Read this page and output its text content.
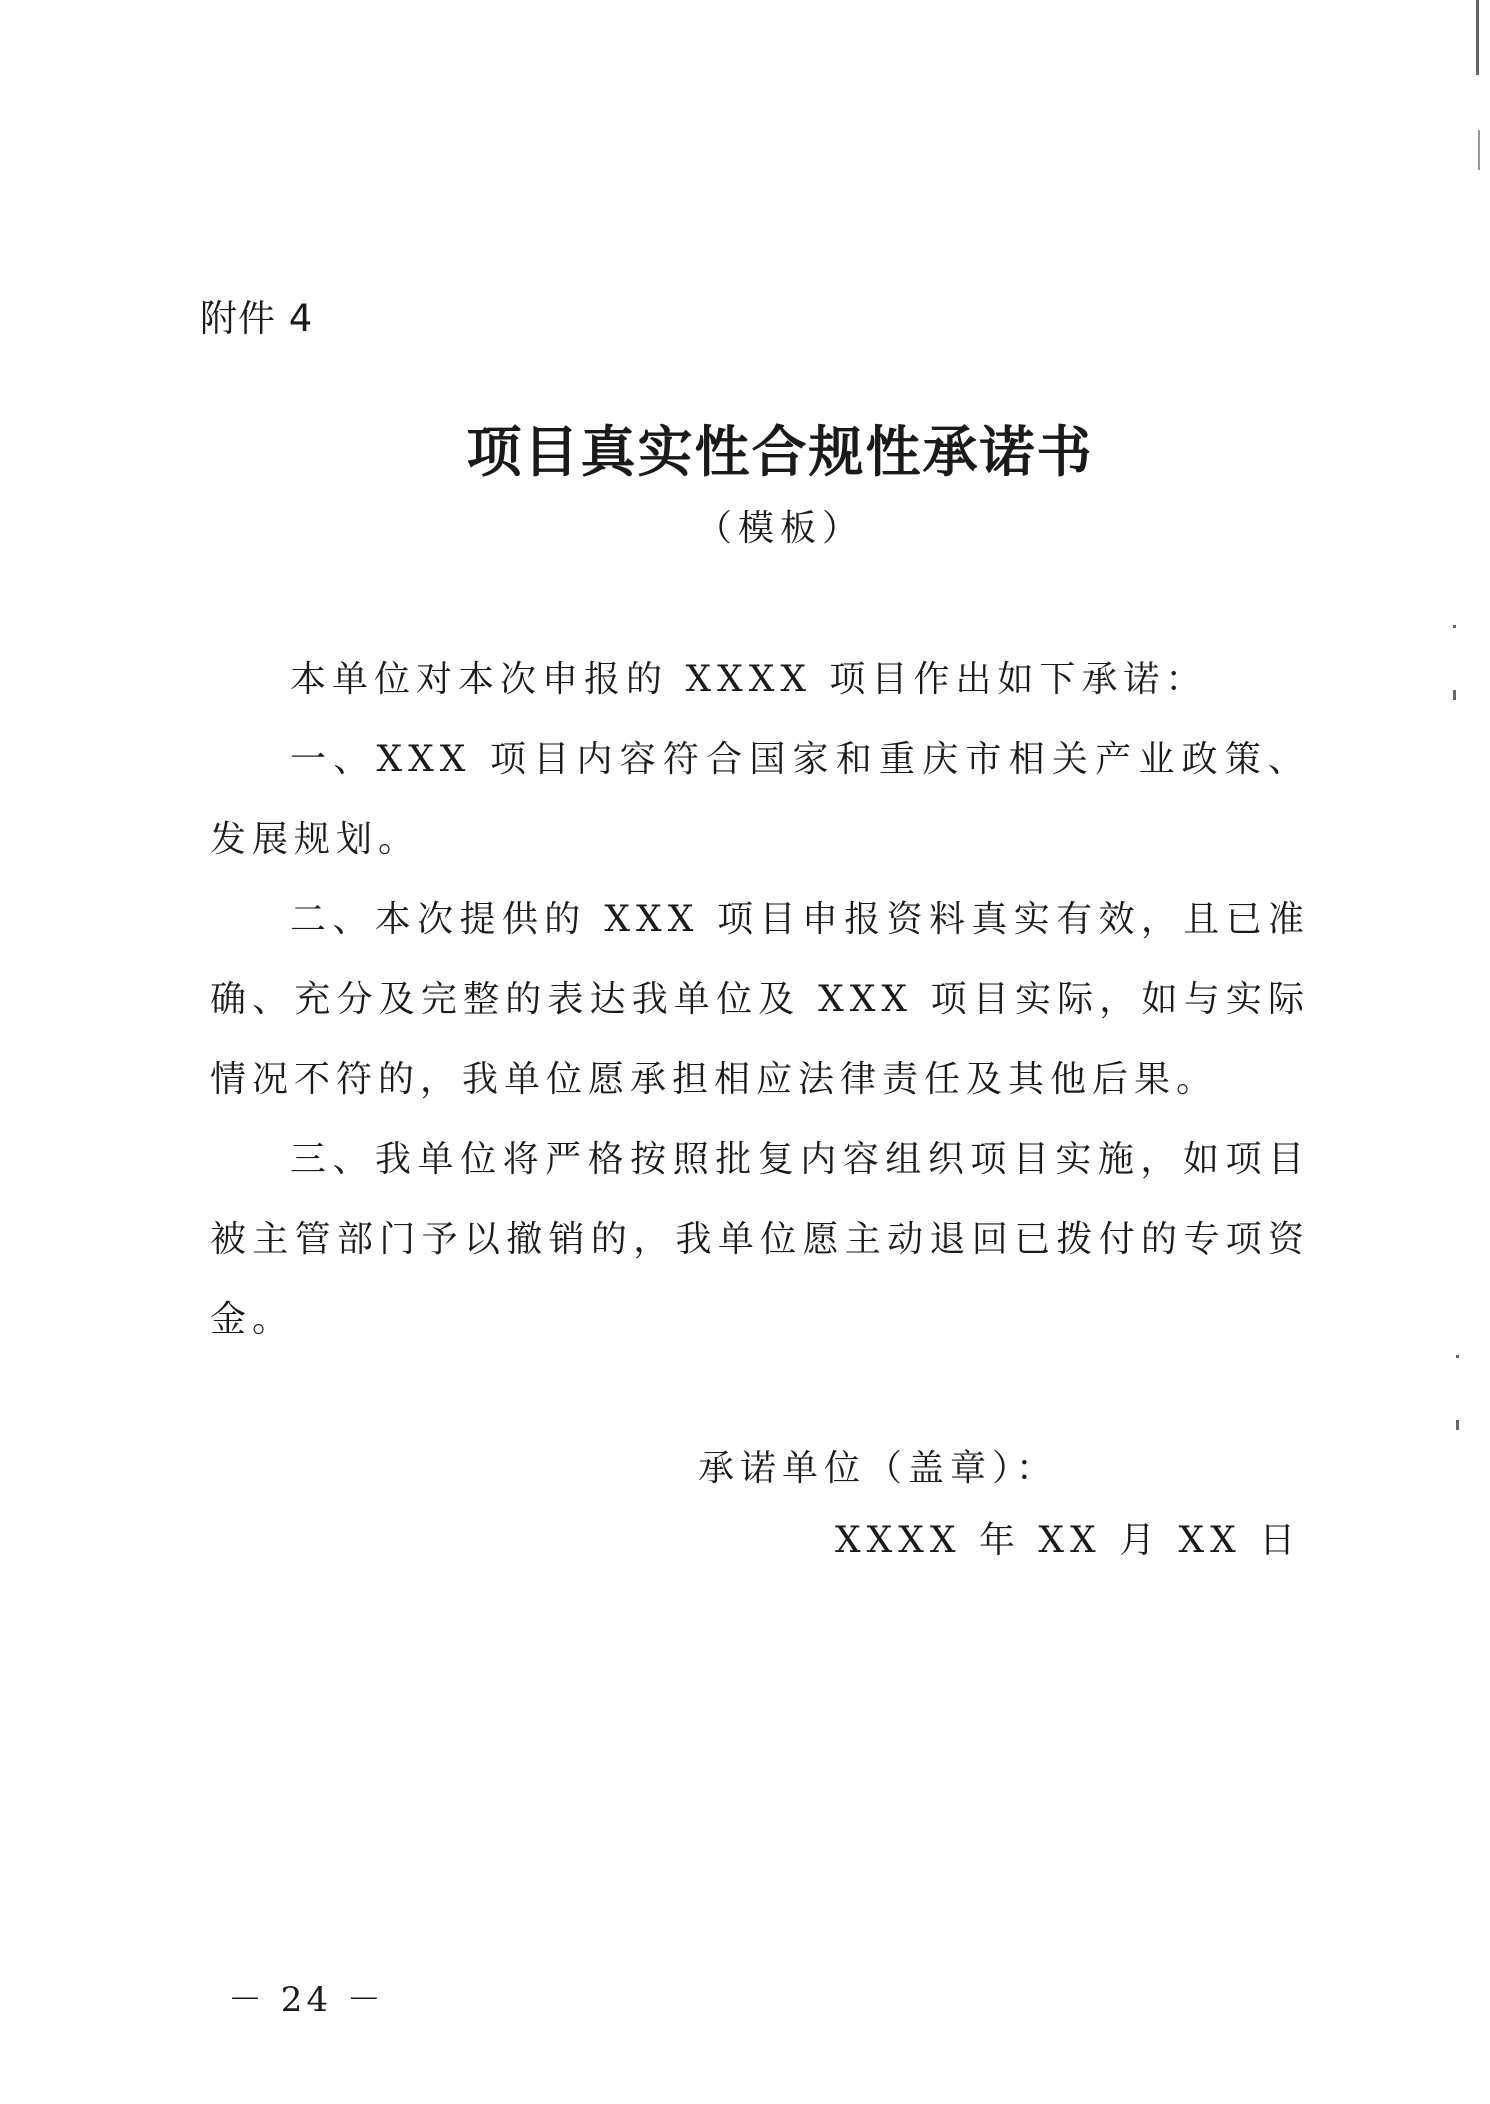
附件 4
项目真实性合规性承诺书
（模板）

本单位对本次申报的 XXXX 项目作出如下承诺：

一、XXX 项目内容符合国家和重庆市相关产业政策、发展规划。

二、本次提供的 XXX 项目申报资料真实有效，且已准确、充分及完整的表达我单位及 XXX 项目实际，如与实际情况不符的，我单位愿承担相应法律责任及其他后果。

三、我单位将严格按照批复内容组织项目实施，如项目被主管部门予以撤销的，我单位愿主动退回已拨付的专项资金。

承诺单位（盖章）：
XXXX 年 XX 月 XX 日
－ 24 －
